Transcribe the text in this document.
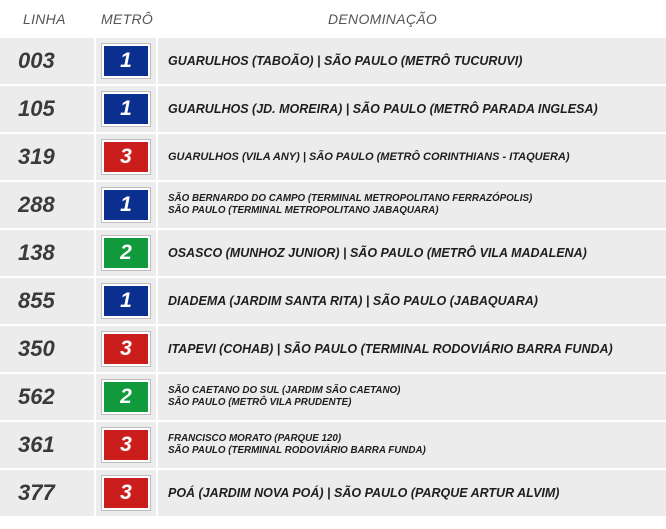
LINHA	METRÔ	DENOMINAÇÃO
003	1	GUARULHOS (TABOÃO) | SÃO PAULO (METRÔ TUCURUVI)
105	1	GUARULHOS (JD. MOREIRA) | SÃO PAULO (METRÔ PARADA INGLESA)
319	3	GUARULHOS (VILA ANY) | SÃO PAULO (METRÔ CORINTHIANS - ITAQUERA)
288	1	SÃO BERNARDO DO CAMPO (TERMINAL METROPOLITANO FERRAZÓPOLIS)
SÃO PAULO (TERMINAL METROPOLITANO JABAQUARA)
138	2	OSASCO (MUNHOZ JUNIOR) | SÃO PAULO (METRÔ VILA MADALENA)
855	1	DIADEMA (JARDIM SANTA RITA) | SÃO PAULO (JABAQUARA)
350	3	ITAPEVI (COHAB) | SÃO PAULO (TERMINAL RODOVIÁRIO BARRA FUNDA)
562	2	SÃO CAETANO DO SUL (JARDIM SÃO CAETANO)
SÃO PAULO (METRÔ VILA PRUDENTE)
361	3	FRANCISCO MORATO (PARQUE 120)
SÃO PAULO (TERMINAL RODOVIÁRIO BARRA FUNDA)
377	3	POÁ (JARDIM NOVA POÁ) | SÃO PAULO (PARQUE ARTUR ALVIM)
